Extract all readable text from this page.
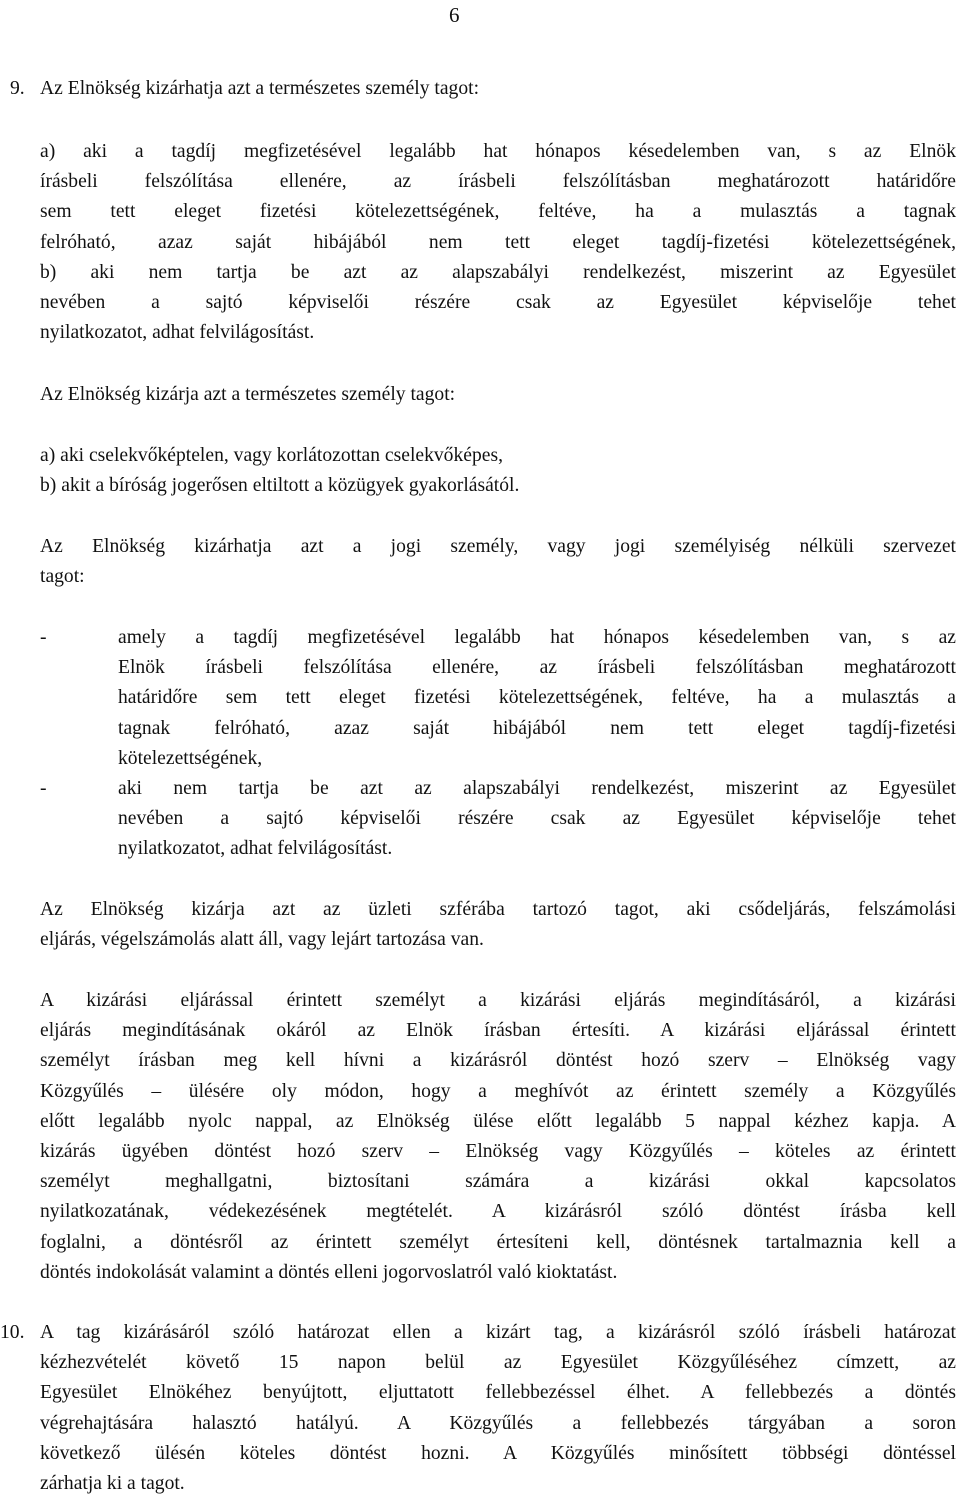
6
9. Az Elnökség kizárhatja azt a természetes személy tagot:
a) aki a tagdíj megfizetésével legalább hat hónapos késedelemben van, s az Elnök
írásbeli felszólítása ellenére, az írásbeli felszólításban meghatározott határidőre
sem tett eleget fizetési kötelezettségének, feltéve, ha a mulasztás a tagnak
felróható, azaz saját hibájából nem tett eleget tagdíj-fizetési kötelezettségének,
b) aki nem tartja be azt az alapszabályi rendelkezést, miszerint az Egyesület
nevében a sajtó képviselői részére csak az Egyesület képviselője tehet
nyilatkozatot, adhat felvilágosítást.
Az Elnökség kizárja azt a természetes személy tagot:
a) aki cselekvőképtelen, vagy korlátozottan cselekvőképes,
b) akit a bíróság jogerősen eltiltott a közügyek gyakorlásától.
Az Elnökség kizárhatja azt a jogi személy, vagy jogi személyiség nélküli szervezet
tagot:
-	amely a tagdíj megfizetésével legalább hat hónapos késedelemben van, s az
Elnök írásbeli felszólítása ellenére, az írásbeli felszólításban meghatározott
határidőre sem tett eleget fizetési kötelezettségének, feltéve, ha a mulasztás a
tagnak felróható, azaz saját hibájából nem tett eleget tagdíj-fizetési
kötelezettségének,
-	aki nem tartja be azt az alapszabályi rendelkezést, miszerint az Egyesület
nevében a sajtó képviselői részére csak az Egyesület képviselője tehet
nyilatkozatot, adhat felvilágosítást.
Az Elnökség kizárja azt az üzleti szférába tartozó tagot, aki csődeljárás, felszámolási
eljárás, végelszámolás alatt áll, vagy lejárt tartozása van.
A kizárási eljárással érintett személyt a kizárási eljárás megindításáról, a kizárási
eljárás megindításának okáról az Elnök írásban értesíti. A kizárási eljárással érintett
személyt írásban meg kell hívni a kizárásról döntést hozó szerv – Elnökség vagy
Közgyűlés – ülésére oly módon, hogy a meghívót az érintett személy a Közgyűlés
előtt legalább nyolc nappal, az Elnökség ülése előtt legalább 5 nappal kézhez kapja. A
kizárás ügyében döntést hozó szerv – Elnökség vagy Közgyűlés – köteles az érintett
személyt meghallgatni, biztosítani számára a kizárási okkal kapcsolatos
nyilatkozatának, védekezésének megtételét. A kizárásról szóló döntést írásba kell
foglalni, a döntésről az érintett személyt értesíteni kell, döntésnek tartalmaznia kell a
döntés indokolását valamint a döntés elleni jogorvoslatról való kioktatást.
10. A tag kizárásáról szóló határozat ellen a kizárt tag, a kizárásról szóló írásbeli határozat
kézhezvételét követő 15 napon belül az Egyesület Közgyűléséhez címzett, az
Egyesület Elnökéhez benyújtott, eljuttatott fellebbezéssel élhet. A fellebbezés a döntés
végrehajtására halasztó hatályú. A Közgyűlés a fellebbezés tárgyában a soron
következő ülésén köteles döntést hozni. A Közgyűlés minősített többségi döntéssel
zárhatja ki a tagot.
